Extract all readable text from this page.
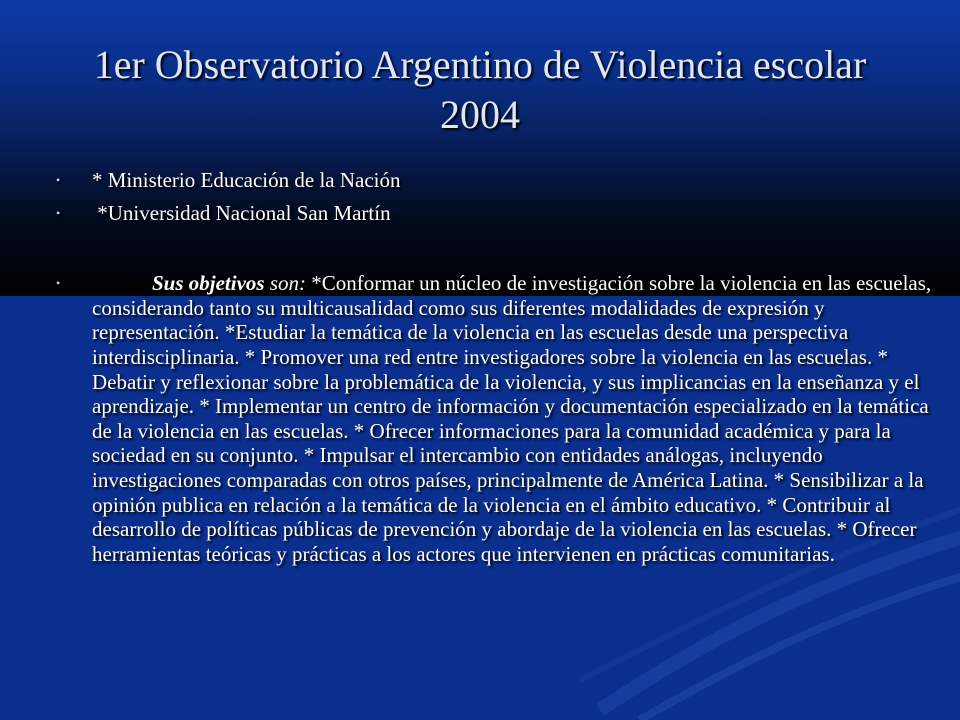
1er Observatorio Argentino de Violencia escolar 2004
• * Ministerio Educación de la Nación
• *Universidad Nacional San Martín
•	Sus objetivos son: *Conformar un núcleo de investigación sobre la violencia en las escuelas, considerando tanto su multicausalidad como sus diferentes modalidades de expresión y representación. *Estudiar la temática de la violencia en las escuelas desde una perspectiva interdisciplinaria. * Promover una red entre investigadores sobre la violencia en las escuelas. * Debatir y reflexionar sobre la problemática de la violencia, y sus implicancias en la enseñanza y el aprendizaje. * Implementar un centro de información y documentación especializado en la temática de la violencia en las escuelas. * Ofrecer informaciones para la comunidad académica y para la sociedad en su conjunto. * Impulsar el intercambio con entidades análogas, incluyendo investigaciones comparadas con otros países, principalmente de América Latina. * Sensibilizar a la opinión publica en relación a la temática de la violencia en el ámbito educativo. * Contribuir al desarrollo de políticas públicas de prevención y abordaje de la violencia en las escuelas. * Ofrecer herramientas teóricas y prácticas a los actores que intervienen en prácticas comunitarias.
